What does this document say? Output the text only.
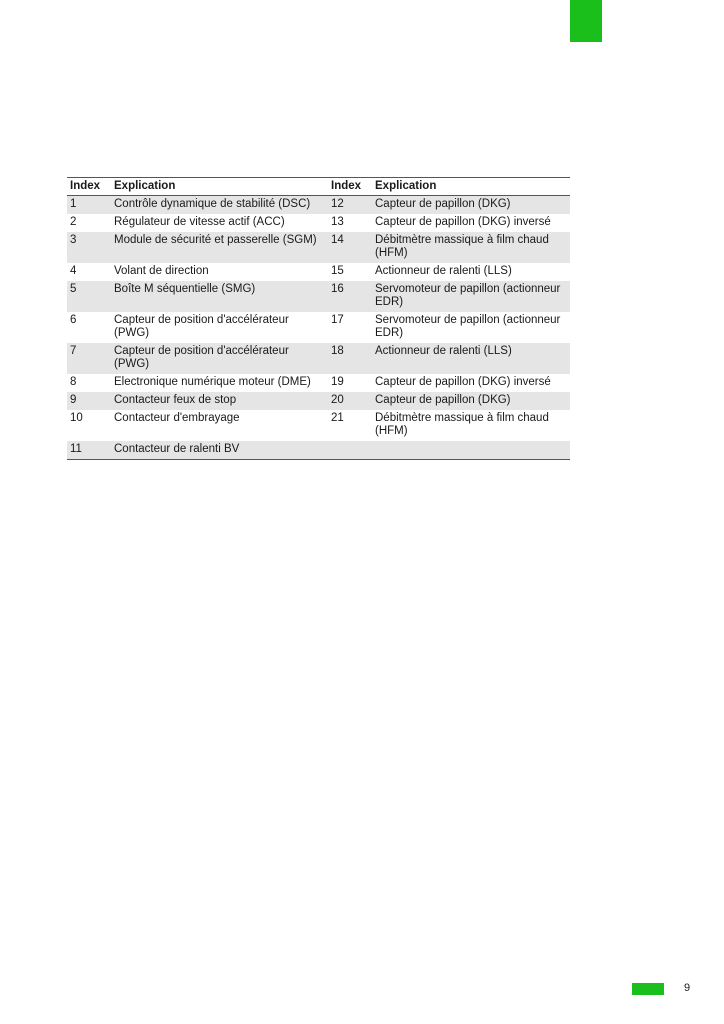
Index	Explication	Index	Explication
1	Contrôle dynamique de stabilité (DSC)	12	Capteur de papillon (DKG)
2	Régulateur de vitesse actif (ACC)	13	Capteur de papillon (DKG) inversé
3	Module de sécurité et passerelle (SGM)	14	Débitmètre massique à film chaud (HFM)
4	Volant de direction	15	Actionneur de ralenti (LLS)
5	Boîte M séquentielle (SMG)	16	Servomoteur de papillon (actionneur EDR)
6	Capteur de position d'accélérateur (PWG)	17	Servomoteur de papillon (actionneur EDR)
7	Capteur de position d'accélérateur (PWG)	18	Actionneur de ralenti (LLS)
8	Electronique numérique moteur (DME)	19	Capteur de papillon (DKG) inversé
9	Contacteur feux de stop	20	Capteur de papillon (DKG)
10	Contacteur d'embrayage	21	Débitmètre massique à film chaud (HFM)
11	Contacteur de ralenti BV		
9
